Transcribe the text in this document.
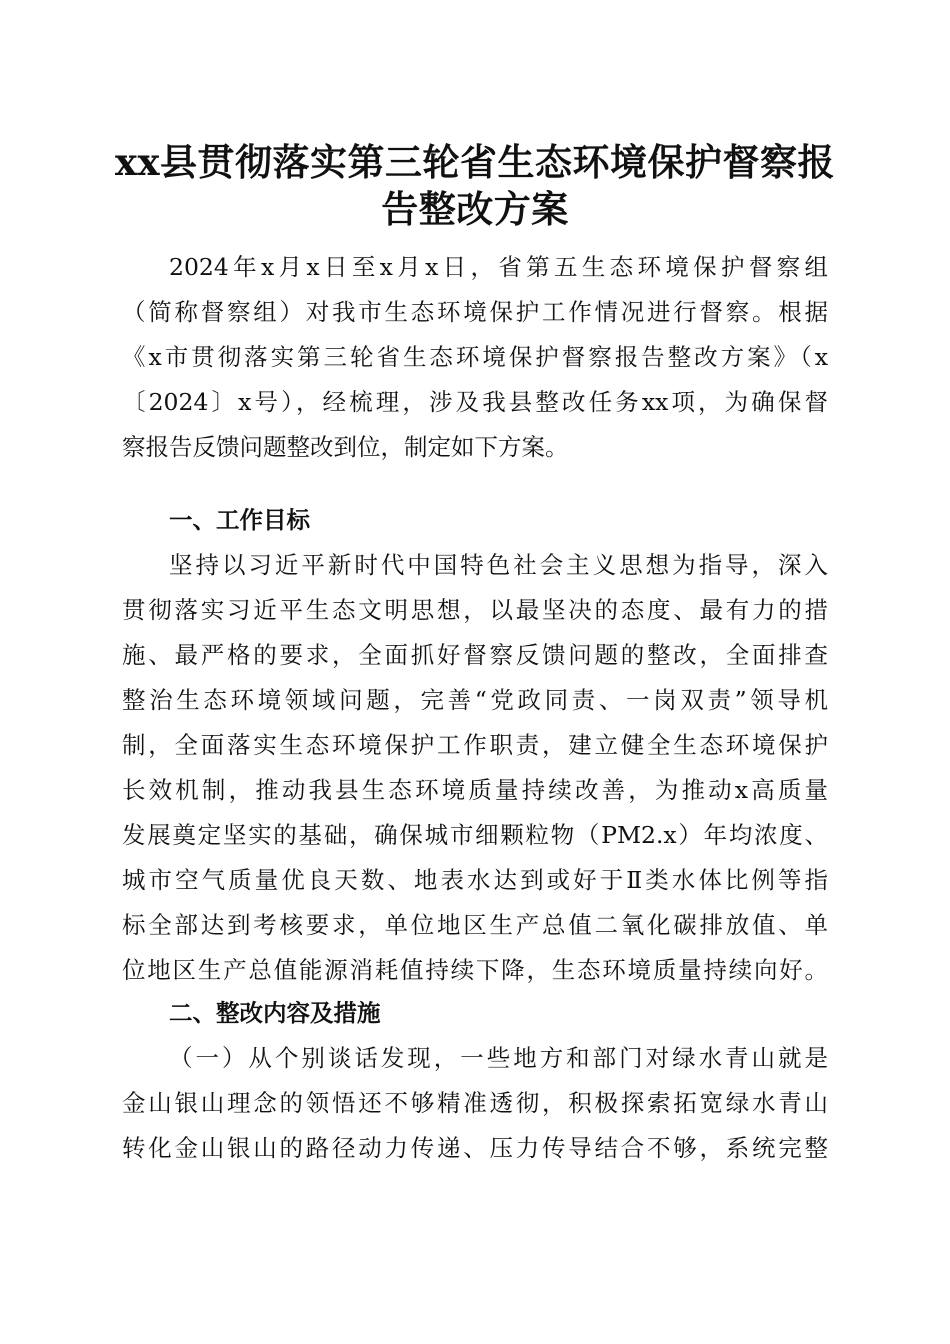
xx县贯彻落实第三轮省生态环境保护督察报
告整改方案
2024年x月x日至x月x日，省第五生态环境保护督察组
（简称督察组）对我市生态环境保护工作情况进行督察。根据
《x市贯彻落实第三轮省生态环境保护督察报告整改方案》（x
〔2024〕x号），经梳理，涉及我县整改任务xx项，为确保督
察报告反馈问题整改到位，制定如下方案。
一、工作目标
坚持以习近平新时代中国特色社会主义思想为指导，深入
贯彻落实习近平生态文明思想，以最坚决的态度、最有力的措
施、最严格的要求，全面抓好督察反馈问题的整改，全面排查
整治生态环境领域问题，完善“党政同责、一岗双责”领导机
制，全面落实生态环境保护工作职责，建立健全生态环境保护
长效机制，推动我县生态环境质量持续改善，为推动x高质量
发展奠定坚实的基础，确保城市细颗粒物（PM2.x）年均浓度、
城市空气质量优良天数、地表水达到或好于Ⅱ类水体比例等指
标全部达到考核要求，单位地区生产总值二氧化碳排放值、单
位地区生产总值能源消耗值持续下降，生态环境质量持续向好。
二、整改内容及措施
（一）从个别谈话发现，一些地方和部门对绿水青山就是
金山银山理念的领悟还不够精准透彻，积极探索拓宽绿水青山
转化金山银山的路径动力传递、压力传导结合不够，系统完整
